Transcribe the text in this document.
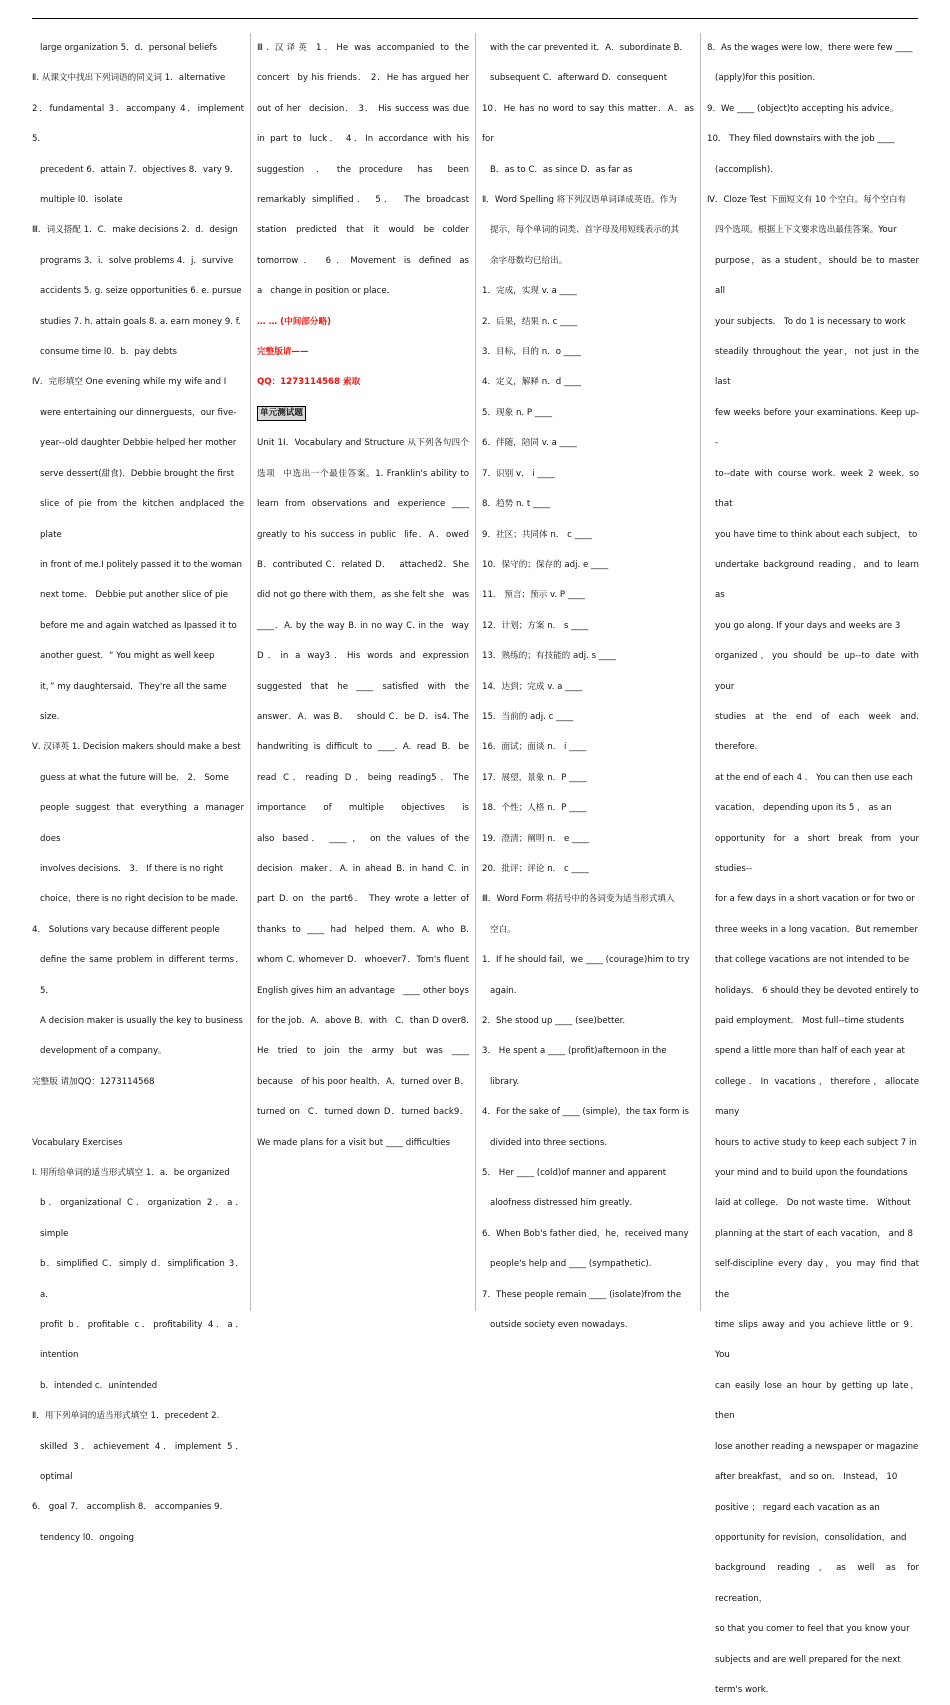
large organization 5．d．personal beliefs
Ⅱ. 从课文中找出下列词语的同义词 1．alternative
2．fundamental 3．accompany 4．implement 5．
precedent 6．attain 7．objectives 8．vary 9．
multiple l0．isolate
Ⅲ．词义搭配 1．C．make decisions 2．d．design
programs 3．i．solve problems 4．j．survive
accidents 5. g. seize opportunities 6. e. pursue
studies 7. h. attain goals 8. a. earn money 9. f.
consume time l0．b．pay debts
Ⅳ．完形填空 One evening while my wife and I
were entertaining our dinnerguests，our five-
year--old daughter Debbie helped her mother
serve dessert(甜食)．Debbie brought the first
slice of pie from the kitchen andplaced the plate
in front of me.I politely passed it to the woman
next tome． Debbie put another slice of pie
before me and again watched as Ipassed it to
another guest．“ You might as well keep
it，” my daughtersaid．They're all the same
size.
Ⅴ. 汉译英 1. Decision makers should make a best
guess at what the future will be． 2． Some
people suggest that everything a manager does
involves decisions． 3． If there is no right
choice，there is no right decision to be made．
4． Solutions vary because different people
define the same problem in different terms． 5．
A decision maker is usually the key to business
development of a company。
完整版 请加QQ：1273114568
Vocabulary Exercises
I. 用所给单词的适当形式填空 1．a．be organized
b．organizational C．organization 2．a．simple
b．simplified C．simply d．simplification 3．a．
profit b．profitable c．profitability 4．a．intention
b．intended c．unintended
Ⅱ．用下列单词的适当形式填空 1．precedent 2.
skilled 3．achievement 4．implement 5．optimal
6． goal 7． accomplish 8． accompanies 9．
tendency l0．ongoing
Ⅲ. 汉译英 1．He was accompanied to the concert by his friends． 2．He has argued her out of her decision． 3． His success was due in part to luck． 4．In accordance with his suggestion．the procedure has been remarkably simplified． 5． The broadcast station predicted that it would be colder tomorrow． 6．Movement is defined as a change in position or place．
… … (中间部分略)
完整版请——
QQ：1273114568 索取
单元测试题
Unit 1I．Vocabulary and Structure 从下列各句四个选项 中选出一个最佳答案。1. Franklin's ability to learn from observations and experience ____ greatly to his success in public life．A．owed B．contributed C．related D． attached2．She did not go there with them，as she felt she was ____．A. by the way B. in no way C. in the way D．in a way3．His words and expression suggested that he ____ satisfied with the answer．A．was B． should C．be D．is4. The handwriting is difficult to ____. A. read B. be read C．reading D．being reading5．The importance of multiple objectives is also based． ____ ， on the values of the decision maker．A. in ahead B. in hand C. in part D. on the part6． They wrote a letter of thanks to ____ had helped them. A. who B. whom C. whomever D. whoever7．Tom's fluent English gives him an advantage ____ other boys for the job．A．above B．with C．than D over8. He tried to join the army but was ____ because of his poor health．A．turned over B．turned on C．turned down D．turned back9．We made plans for a visit but ____ difficulties
with the car prevented it．A．subordinate B．
subsequent C．afterward D．consequent
10．He has no word to say this matter．A．as for
B．as to C．as since D．as far as
Ⅱ．Word Spelling 将下列汉语单词译成英语。作为
提示，每个单词的词类、首字母及用短线表示的其
余字母数均已给出。
1．完成，实现 v. a ____
2．后果，结果 n. c ____
3．目标，目的 n．o ____
4．定义，解释 n．d ____
5．现象 n. P ____
6．伴随，陪同 v. a ____
7．识别 v． i ____
8．趋势 n. t ____
9．社区；共同体 n． c ____
10．保守的；保存的 adj. e ____
11． 预言；预示 v. P ____
12．计划；方案 n． s ____
13．熟练的；有技能的 adj. s ____
14．达到；完成 v. a ____
15．当前的 adj. c ____
16．面试；面谈 n． i ____
17．展望，景象 n．P ____
18．个性；人格 n．P ____
19．澄清；阐明 n． e ____
20．批评；评论 n． c ____
Ⅲ．Word Form 将括号中的各词变为适当形式填入
空白。
1．If he should fail，we ____ (courage)him to try
again.
2．She stood up ____ (see)better.
3． He spent a ____ (profit)afternoon in the
library.
4．For the sake of ____ (simple)，the tax form is
divided into three sections.
5． Her ____ (cold)of manner and apparent
aloofness distressed him greatly．
6．When Bob's father died，he，received many
people's help and ____ (sympathetic).
7．These people remain ____ (isolate)from the
outside society even nowadays.
8．As the wages were low，there were few ____
(apply)for this position.
9．We ____ (object)to accepting his advice。
10． They filed downstairs with the job ____
(accomplish).
Ⅳ．Cloze Test 下面短文有 10 个空白。每个空白有
四个选项。根据上下文要求选出最佳答案。Your
purpose，as a student，should be to master all
your subjects． To do 1 is necessary to work
steadily throughout the year，not just in the last
few weeks before your examinations. Keep up--
to--date with course work. week 2 week. so that
you have time to think about each subject， to
undertake background reading，and to learn as
you go along. If your days and weeks are 3
organized，you should be up--to date with your
studies at the end of each week and. therefore.
at the end of each 4 ． You can then use each
vacation， depending upon its 5 ， as an
opportunity for a short break from your studies--
for a few days in a short vacation or for two or
three weeks in a long vacation．But remember
that college vacations are not intended to be
holidays． 6 should they be devoted entirely to
paid employment． Most full--time students
spend a little more than half of each year at
college．In vacations，therefore，allocate many
hours to active study to keep each subject 7 in
your mind and to build upon the foundations
laid at college． Do not waste time． Without
planning at the start of each vacation， and 8
self-discipline every day，you may find that the
time slips away and you achieve little or 9．You
can easily lose an hour by getting up late，then
lose another reading a newspaper or magazine
after breakfast， and so on． Instead， 10
positive ； regard each vacation as an
opportunity for revision，consolidation，and
background reading，as well as for recreation，
so that you comer to feel that you know your
subjects and are well prepared for the next
term's work．
